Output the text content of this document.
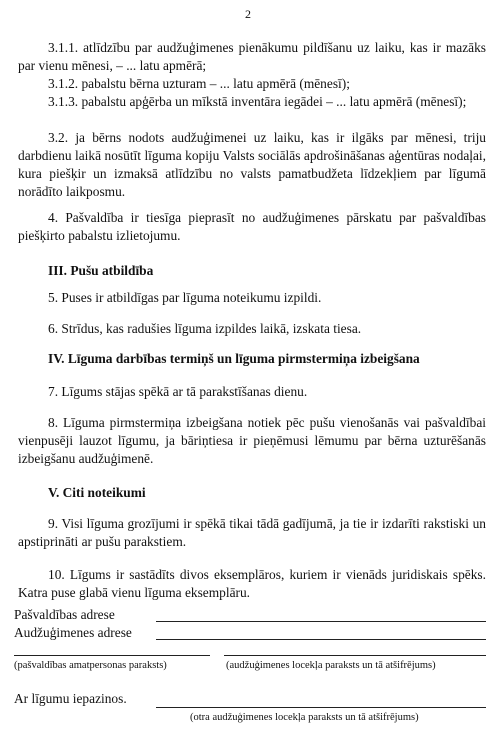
2

3.1.1. atlīdzību par audžuģimenes pienākumu pildīšanu uz laiku, kas ir mazāks par vienu mēnesi, – ... latu apmērā;

3.1.2. pabalstu bērna uzturam – ... latu apmērā (mēnesī);

3.1.3. pabalstu apģērba un mīkstā inventāra iegādei – ... latu apmērā (mēnesī);

3.2. ja bērns nodots audžuģimenei uz laiku, kas ir ilgāks par mēnesi, triju darbdienu laikā nosūtīt līguma kopiju Valsts sociālās apdrošināšanas aģentūras nodaļai, kura piešķir un izmaksā atlīdzību no valsts pamatbudžeta līdzekļiem par līgumā norādīto laikposmu.

4. Pašvaldība ir tiesīga pieprasīt no audžuģimenes pārskatu par pašvaldības piešķirto pabalstu izlietojumu.

III. Pušu atbildība

5. Puses ir atbildīgas par līguma noteikumu izpildi.

6. Strīdus, kas radušies līguma izpildes laikā, izskata tiesa.

IV. Līguma darbības termiņš un līguma pirmstermiņa izbeigšana

7. Līgums stājas spēkā ar tā parakstīšanas dienu.

8. Līguma pirmstermiņa izbeigšana notiek pēc pušu vienošanās vai pašvaldībai vienpusēji lauzot līgumu, ja bāriņtiesa ir pieņēmusi lēmumu par bērna uzturēšanās izbeigšanu audžuģimenē.

V. Citi noteikumi

9. Visi līguma grozījumi ir spēkā tikai tādā gadījumā, ja tie ir izdarīti rakstiski un apstiprināti ar pušu parakstiem.

10. Līgums ir sastādīts divos eksemplāros, kuriem ir vienāds juridiskais spēks. Katra puse glabā vienu līguma eksemplāru.

Pašvaldības adrese
Audžuģimenes adrese
(pašvaldības amatpersonas paraksts)	(audžuģimenes locekļa paraksts un tā atšifrējums)
Ar līgumu iepazinos.
(otra audžuģimenes locekļa paraksts un tā atšifrējums)
